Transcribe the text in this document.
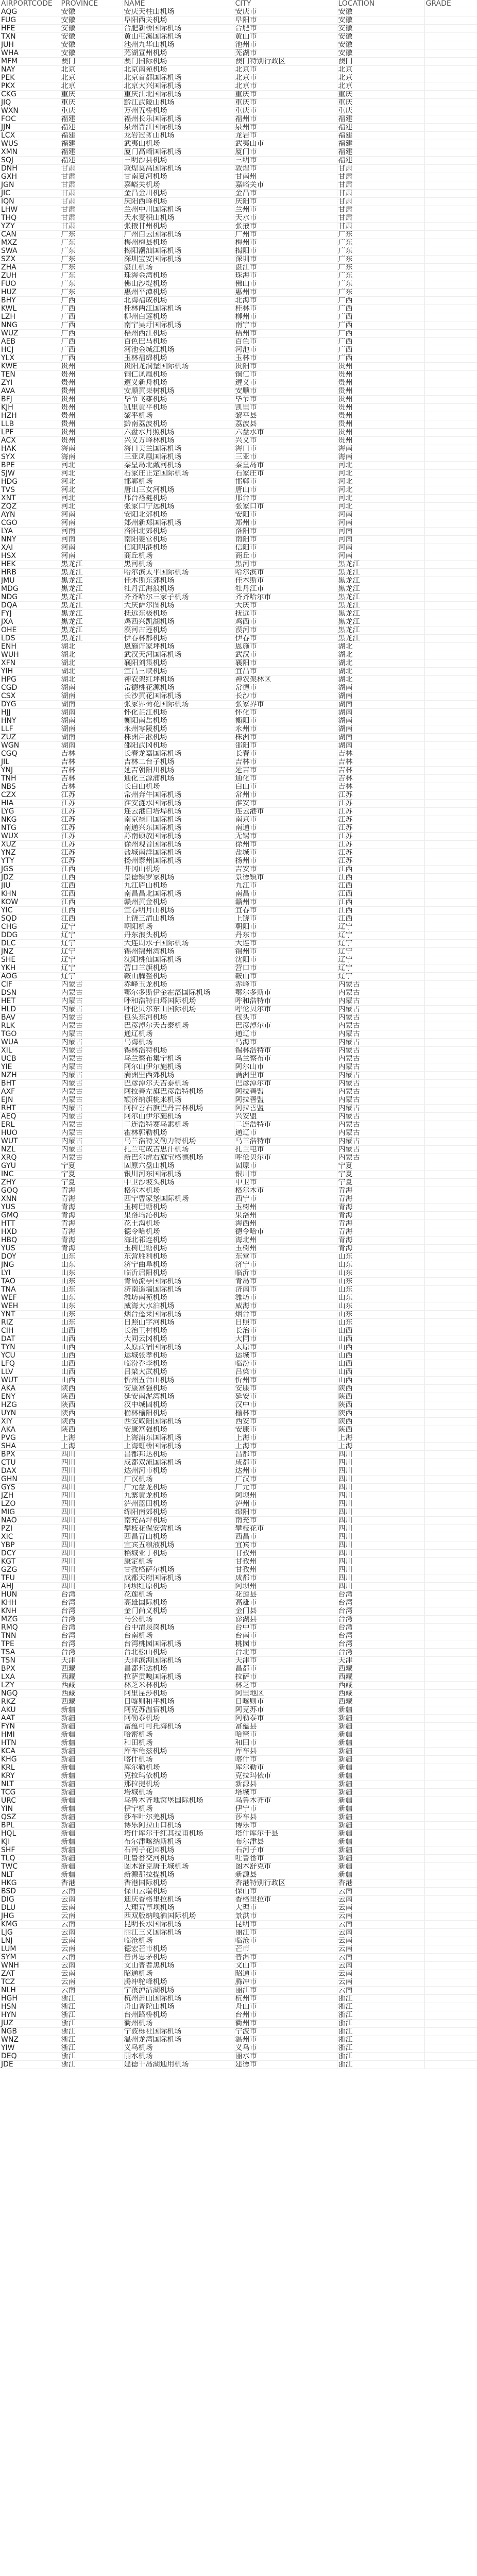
AIRPORTCODE	PROVINCE	NAME	CITY	LOCATION	GRADE
AQG	安徽	安庆天柱山机场	安庆市	安徽	
FUG	安徽	阜阳西关机场	阜阳市	安徽	
HFE	安徽	合肥新桥国际机场	合肥市	安徽	
TXN	安徽	黄山屯溪国际机场	黄山市	安徽	
JUH	安徽	池州九华山机场	池州市	安徽	
WHA	安徽	芜湖宣州机场	芜湖市	安徽	
MFM	澳门	澳门国际机场	澳门特别行政区	澳门	
NAY	北京	北京南苑机场	北京市	北京	
PEK	北京	北京首都国际机场	北京市	北京	
PKX	北京	北京大兴国际机场	北京市	北京	
CKG	重庆	重庆江北国际机场	重庆市	重庆	
JIQ	重庆	黔江武陵山机场	重庆市	重庆	
WXN	重庆	万州五桥机场	重庆市	重庆	
FOC	福建	福州长乐国际机场	福州市	福建	
JJN	福建	泉州晋江国际机场	泉州市	福建	
LCX	福建	龙岩冠豸山机场	龙岩市	福建	
WUS	福建	武夷山机场	武夷山市	福建	
XMN	福建	厦门高崎国际机场	厦门市	福建	
SQJ	福建	三明沙县机场	三明市	福建	
DNH	甘肃	敦煌莫高国际机场	敦煌市	甘肃	
GXH	甘肃	甘南夏河机场	甘南州	甘肃	
JGN	甘肃	嘉峪关机场	嘉峪关市	甘肃	
JIC	甘肃	金昌金川机场	金昌市	甘肃	
IQN	甘肃	庆阳西峰机场	庆阳市	甘肃	
LHW	甘肃	兰州中川国际机场	兰州市	甘肃	
THQ	甘肃	天水麦积山机场	天水市	甘肃	
YZY	甘肃	张掖甘州机场	张掖市	甘肃	
CAN	广东	广州白云国际机场	广州市	广东	
MXZ	广东	梅州梅县机场	梅州市	广东	
SWA	广东	揭阳潮汕国际机场	揭阳市	广东	
SZX	广东	深圳宝安国际机场	深圳市	广东	
ZHA	广东	湛江机场	湛江市	广东	
ZUH	广东	珠海金湾机场	珠海市	广东	
FUO	广东	佛山沙堤机场	佛山市	广东	
HUZ	广东	惠州平潭机场	惠州市	广东	
BHY	广西	北海福成机场	北海市	广西	
KWL	广西	桂林两江国际机场	桂林市	广西	
LZH	广西	柳州白莲机场	柳州市	广西	
NNG	广西	南宁吴圩国际机场	南宁市	广西	
WUZ	广西	梧州西江机场	梧州市	广西	
AEB	广西	百色巴马机场	百色市	广西	
HCJ	广西	河池金城江机场	河池市	广西	
YLX	广西	玉林福绵机场	玉林市	广西	
KWE	贵州	贵阳龙洞堡国际机场	贵阳市	贵州	
TEN	贵州	铜仁凤凰机场	铜仁市	贵州	
ZYI	贵州	遵义新舟机场	遵义市	贵州	
AVA	贵州	安顺黄果树机场	安顺市	贵州	
BFJ	贵州	毕节飞雄机场	毕节市	贵州	
KJH	贵州	凯里黄平机场	凯里市	贵州	
HZH	贵州	黎平机场	黎平县	贵州	
LLB	贵州	黔南荔波机场	荔波县	贵州	
LPF	贵州	六盘水月照机场	六盘水市	贵州	
ACX	贵州	兴义万峰林机场	兴义市	贵州	
HAK	海南	海口美兰国际机场	海口市	海南	
SYX	海南	三亚凤凰国际机场	三亚市	海南	
BPE	河北	秦皇岛北戴河机场	秦皇岛市	河北	
SJW	河北	石家庄正定国际机场	石家庄市	河北	
HDG	河北	邯郸机场	邯郸市	河北	
TVS	河北	唐山三女河机场	唐山市	河北	
XNT	河北	邢台褡裢机场	邢台市	河北	
ZQZ	河北	张家口宁远机场	张家口市	河北	
AYN	河南	安阳北郊机场	安阳市	河南	
CGO	河南	郑州新郑国际机场	郑州市	河南	
LYA	河南	洛阳北郊机场	洛阳市	河南	
NNY	河南	南阳姜营机场	南阳市	河南	
XAI	河南	信阳明港机场	信阳市	河南	
HSX	河南	商丘机场	商丘市	河南	
HEK	黑龙江	黑河机场	黑河市	黑龙江	
HRB	黑龙江	哈尔滨太平国际机场	哈尔滨市	黑龙江	
JMU	黑龙江	佳木斯东郊机场	佳木斯市	黑龙江	
MDG	黑龙江	牡丹江海浪机场	牡丹江市	黑龙江	
NDG	黑龙江	齐齐哈尔三家子机场	齐齐哈尔市	黑龙江	
DQA	黑龙江	大庆萨尔图机场	大庆市	黑龙江	
FYJ	黑龙江	抚远东极机场	抚远市	黑龙江	
JXA	黑龙江	鸡西兴凯湖机场	鸡西市	黑龙江	
OHE	黑龙江	漠河古莲机场	漠河市	黑龙江	
LDS	黑龙江	伊春林都机场	伊春市	黑龙江	
ENH	湖北	恩施许家坪机场	恩施市	湖北	
WUH	湖北	武汉天河国际机场	武汉市	湖北	
XFN	湖北	襄阳刘集机场	襄阳市	湖北	
YIH	湖北	宜昌三峡机场	宜昌市	湖北	
HPG	湖北	神农架红坪机场	神农架林区	湖北	
CGD	湖南	常德桃花源机场	常德市	湖南	
CSX	湖南	长沙黄花国际机场	长沙市	湖南	
DYG	湖南	张家界荷花国际机场	张家界市	湖南	
HJJ	湖南	怀化芷江机场	怀化市	湖南	
HNY	湖南	衡阳南岳机场	衡阳市	湖南	
LLF	湖南	永州零陵机场	永州市	湖南	
ZUZ	湖南	株洲芦淞机场	株洲市	湖南	
WGN	湖南	邵阳武冈机场	邵阳市	湖南	
CGQ	吉林	长春龙嘉国际机场	长春市	吉林	
JIL	吉林	吉林二台子机场	吉林市	吉林	
YNJ	吉林	延吉朝阳川机场	延吉市	吉林	
TNH	吉林	通化三源浦机场	通化市	吉林	
NBS	吉林	长白山机场	白山市	吉林	
CZX	江苏	常州奔牛国际机场	常州市	江苏	
HIA	江苏	淮安涟水国际机场	淮安市	江苏	
LYG	江苏	连云港白塔埠机场	连云港市	江苏	
NKG	江苏	南京禄口国际机场	南京市	江苏	
NTG	江苏	南通兴东国际机场	南通市	江苏	
WUX	江苏	苏南硕放国际机场	无锡市	江苏	
XUZ	江苏	徐州观音国际机场	徐州市	江苏	
YNZ	江苏	盐城南洋国际机场	盐城市	江苏	
YTY	江苏	扬州泰州国际机场	扬州市	江苏	
JGS	江西	井冈山机场	吉安市	江西	
JDZ	江西	景德镇罗家机场	景德镇市	江西	
JIU	江西	九江庐山机场	九江市	江西	
KHN	江西	南昌昌北国际机场	南昌市	江西	
KOW	江西	赣州黄金机场	赣州市	江西	
YIC	江西	宜春明月山机场	宜春市	江西	
SQD	江西	上饶三清山机场	上饶市	江西	
CHG	辽宁	朝阳机场	朝阳市	辽宁	
DDG	辽宁	丹东浪头机场	丹东市	辽宁	
DLC	辽宁	大连周水子国际机场	大连市	辽宁	
JNZ	辽宁	锦州锦州湾机场	锦州市	辽宁	
SHE	辽宁	沈阳桃仙国际机场	沈阳市	辽宁	
YKH	辽宁	营口兰旗机场	营口市	辽宁	
AOG	辽宁	鞍山腾鳌机场	鞍山市	辽宁	
CIF	内蒙古	赤峰玉龙机场	赤峰市	内蒙古	
DSN	内蒙古	鄂尔多斯伊金霍洛国际机场	鄂尔多斯市	内蒙古	
HET	内蒙古	呼和浩特白塔国际机场	呼和浩特市	内蒙古	
HLD	内蒙古	呼伦贝尔东山国际机场	呼伦贝尔市	内蒙古	
BAV	内蒙古	包头东河机场	包头市	内蒙古	
RLK	内蒙古	巴彦淖尔天吉泰机场	巴彦淖尔市	内蒙古	
TGO	内蒙古	通辽机场	通辽市	内蒙古	
WUA	内蒙古	乌海机场	乌海市	内蒙古	
XIL	内蒙古	锡林浩特机场	锡林浩特市	内蒙古	
UCB	内蒙古	乌兰察布集宁机场	乌兰察布市	内蒙古	
YIE	内蒙古	阿尔山伊尔施机场	阿尔山市	内蒙古	
NZH	内蒙古	满洲里西郊机场	满洲里市	内蒙古	
BHT	内蒙古	巴彦淖尔天吉泰机场	巴彦淖尔市	内蒙古	
AXF	内蒙古	阿拉善左旗巴彦浩特机场	阿拉善盟	内蒙古	
EJN	内蒙古	额济纳旗桃来机场	阿拉善盟	内蒙古	
RHT	内蒙古	阿拉善右旗巴丹吉林机场	阿拉善盟	内蒙古	
AEQ	内蒙古	阿尔山伊尔施机场	兴安盟	内蒙古	
ERL	内蒙古	二连浩特赛乌素机场	二连浩特市	内蒙古	
HUO	内蒙古	霍林郭勒机场	通辽市	内蒙古	
WUT	内蒙古	乌兰浩特义勒力特机场	乌兰浩特市	内蒙古	
NZL	内蒙古	扎兰屯成吉思汗机场	扎兰屯市	内蒙古	
XRQ	内蒙古	新巴尔虎右旗宝格德机场	呼伦贝尔市	内蒙古	
GYU	宁夏	固原六盘山机场	固原市	宁夏	
INC	宁夏	银川河东国际机场	银川市	宁夏	
ZHY	宁夏	中卫沙坡头机场	中卫市	宁夏	
GOQ	青海	格尔木机场	格尔木市	青海	
XNN	青海	西宁曹家堡国际机场	西宁市	青海	
YUS	青海	玉树巴塘机场	玉树州	青海	
GMQ	青海	果洛玛沁机场	果洛州	青海	
HTT	青海	花土沟机场	海西州	青海	
HXD	青海	德令哈机场	德令哈市	青海	
HBQ	青海	海北祁连机场	海北州	青海	
YUS	青海	玉树巴塘机场	玉树州	青海	
DOY	山东	东营胜利机场	东营市	山东	
JNG	山东	济宁曲阜机场	济宁市	山东	
LYI	山东	临沂启阳机场	临沂市	山东	
TAO	山东	青岛流亭国际机场	青岛市	山东	
TNA	山东	济南遥墙国际机场	济南市	山东	
WEF	山东	潍坊南苑机场	潍坊市	山东	
WEH	山东	威海大水泊机场	威海市	山东	
YNT	山东	烟台蓬莱国际机场	烟台市	山东	
RIZ	山东	日照山字河机场	日照市	山东	
CIH	山西	长治王村机场	长治市	山西	
DAT	山西	大同云冈机场	大同市	山西	
TYN	山西	太原武宿国际机场	太原市	山西	
YCU	山西	运城张孝机场	运城市	山西	
LFQ	山西	临汾乔李机场	临汾市	山西	
LLV	山西	吕梁大武机场	吕梁市	山西	
WUT	山西	忻州五台山机场	忻州市	山西	
AKA	陕西	安康富强机场	安康市	陕西	
ENY	陕西	延安南泥湾机场	延安市	陕西	
HZG	陕西	汉中城固机场	汉中市	陕西	
UYN	陕西	榆林榆阳机场	榆林市	陕西	
XIY	陕西	西安咸阳国际机场	西安市	陕西	
AKA	陕西	安康富强机场	安康市	陕西	
PVG	上海	上海浦东国际机场	上海市	上海	
SHA	上海	上海虹桥国际机场	上海市	上海	
BPX	四川	昌都邦达机场	昌都市	四川	
CTU	四川	成都双流国际机场	成都市	四川	
DAX	四川	达州河市机场	达州市	四川	
GHN	四川	广汉机场	广汉市	四川	
GYS	四川	广元盘龙机场	广元市	四川	
JZH	四川	九寨黄龙机场	阿坝州	四川	
LZO	四川	泸州蓝田机场	泸州市	四川	
MIG	四川	绵阳南郊机场	绵阳市	四川	
NAO	四川	南充高坪机场	南充市	四川	
PZI	四川	攀枝花保安营机场	攀枝花市	四川	
XIC	四川	西昌青山机场	西昌市	四川	
YBP	四川	宜宾五粮液机场	宜宾市	四川	
DCY	四川	稻城亚丁机场	甘孜州	四川	
KGT	四川	康定机场	甘孜州	四川	
GZG	四川	甘孜格萨尔机场	甘孜州	四川	
TFU	四川	成都天府国际机场	成都市	四川	
AHJ	四川	阿坝红原机场	阿坝州	四川	
HUN	台湾	花莲机场	花莲县	台湾	
KHH	台湾	高雄国际机场	高雄市	台湾	
KNH	台湾	金门尚义机场	金门县	台湾	
MZG	台湾	马公机场	澎湖县	台湾	
RMQ	台湾	台中清泉岗机场	台中市	台湾	
TNN	台湾	台南机场	台南市	台湾	
TPE	台湾	台湾桃园国际机场	桃园市	台湾	
TSA	台湾	台北松山机场	台北市	台湾	
TSN	天津	天津滨海国际机场	天津市	天津	
BPX	西藏	昌都邦达机场	昌都市	西藏	
LXA	西藏	拉萨贡嘎国际机场	拉萨市	西藏	
LZY	西藏	林芝米林机场	林芝市	西藏	
NGQ	西藏	阿里昆莎机场	阿里地区	西藏	
RKZ	西藏	日喀则和平机场	日喀则市	西藏	
AKU	新疆	阿克苏温宿机场	阿克苏市	新疆	
AAT	新疆	阿勒泰机场	阿勒泰市	新疆	
FYN	新疆	富蕴可可托海机场	富蕴县	新疆	
HMI	新疆	哈密机场	哈密市	新疆	
HTN	新疆	和田机场	和田市	新疆	
KCA	新疆	库车龟兹机场	库车县	新疆	
KHG	新疆	喀什机场	喀什市	新疆	
KRL	新疆	库尔勒机场	库尔勒市	新疆	
KRY	新疆	克拉玛依机场	克拉玛依市	新疆	
NLT	新疆	那拉提机场	新源县	新疆	
TCG	新疆	塔城机场	塔城市	新疆	
URC	新疆	乌鲁木齐地窝堡国际机场	乌鲁木齐市	新疆	
YIN	新疆	伊宁机场	伊宁市	新疆	
QSZ	新疆	莎车叶尔羌机场	莎车县	新疆	
BPL	新疆	博乐阿拉山口机场	博乐市	新疆	
HQL	新疆	塔什库尔干红其拉甫机场	塔什库尔干县	新疆	
KJI	新疆	布尔津喀纳斯机场	布尔津县	新疆	
SHF	新疆	石河子花园机场	石河子市	新疆	
TLQ	新疆	吐鲁番交河机场	吐鲁番市	新疆	
TWC	新疆	图木舒克唐王城机场	图木舒克市	新疆	
NLT	新疆	新源那拉提机场	新源县	新疆	
HKG	香港	香港国际机场	香港特别行政区	香港	
BSD	云南	保山云瑞机场	保山市	云南	
DIG	云南	迪庆香格里拉机场	香格里拉市	云南	
DLU	云南	大理荒草坝机场	大理市	云南	
JHG	云南	西双版纳嘎洒国际机场	景洪市	云南	
KMG	云南	昆明长水国际机场	昆明市	云南	
LJG	云南	丽江三义国际机场	丽江市	云南	
LNJ	云南	临沧机场	临沧市	云南	
LUM	云南	德宏芒市机场	芒市	云南	
SYM	云南	普洱思茅机场	普洱市	云南	
WNH	云南	文山普者黑机场	文山市	云南	
ZAT	云南	昭通机场	昭通市	云南	
TCZ	云南	腾冲驼峰机场	腾冲市	云南	
NLH	云南	宁蒗泸沽湖机场	丽江市	云南	
HGH	浙江	杭州萧山国际机场	杭州市	浙江	
HSN	浙江	舟山普陀山机场	舟山市	浙江	
HYN	浙江	台州路桥机场	台州市	浙江	
JUZ	浙江	衢州机场	衢州市	浙江	
NGB	浙江	宁波栎社国际机场	宁波市	浙江	
WNZ	浙江	温州龙湾国际机场	温州市	浙江	
YIW	浙江	义乌机场	义乌市	浙江	
DEQ	浙江	丽水机场	丽水市	浙江	
JDE	浙江	建德千岛湖通用机场	建德市	浙江	
